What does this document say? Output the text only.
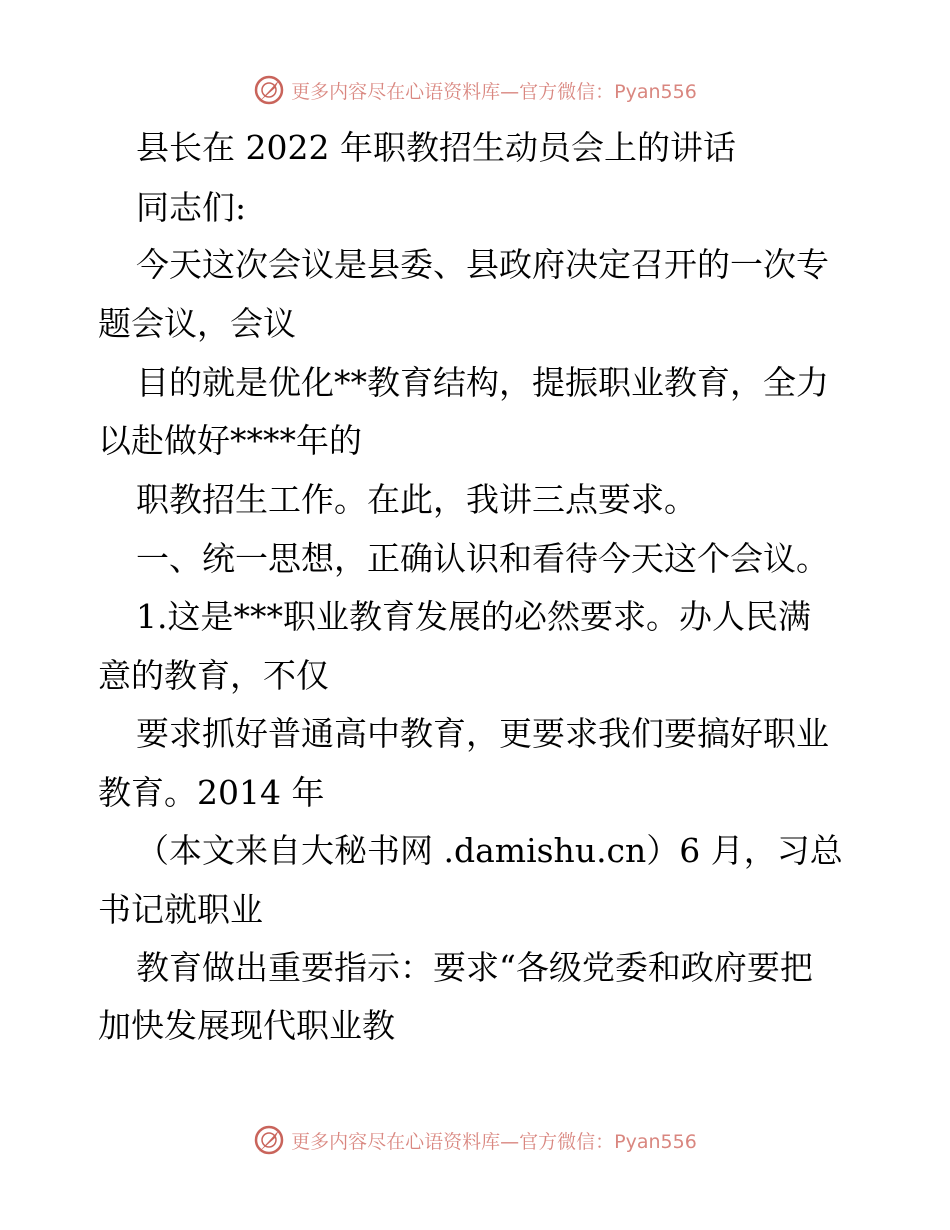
更多内容尽在心语资料库—官方微信：Pyan556
县长在 2022 年职教招生动员会上的讲话
同志们:
今天这次会议是县委、县政府决定召开的一次专
题会议，会议
目的就是优化**教育结构，提振职业教育，全力
以赴做好****年的
职教招生工作。在此，我讲三点要求。
一、统一思想，正确认识和看待今天这个会议。
1.这是***职业教育发展的必然要求。办人民满
意的教育，不仅
要求抓好普通高中教育，更要求我们要搞好职业
教育。2014 年
（本文来自大秘书网 .damishu.cn）6 月，习总
书记就职业
教育做出重要指示：要求“各级党委和政府要把
加快发展现代职业教
更多内容尽在心语资料库—官方微信：Pyan556
